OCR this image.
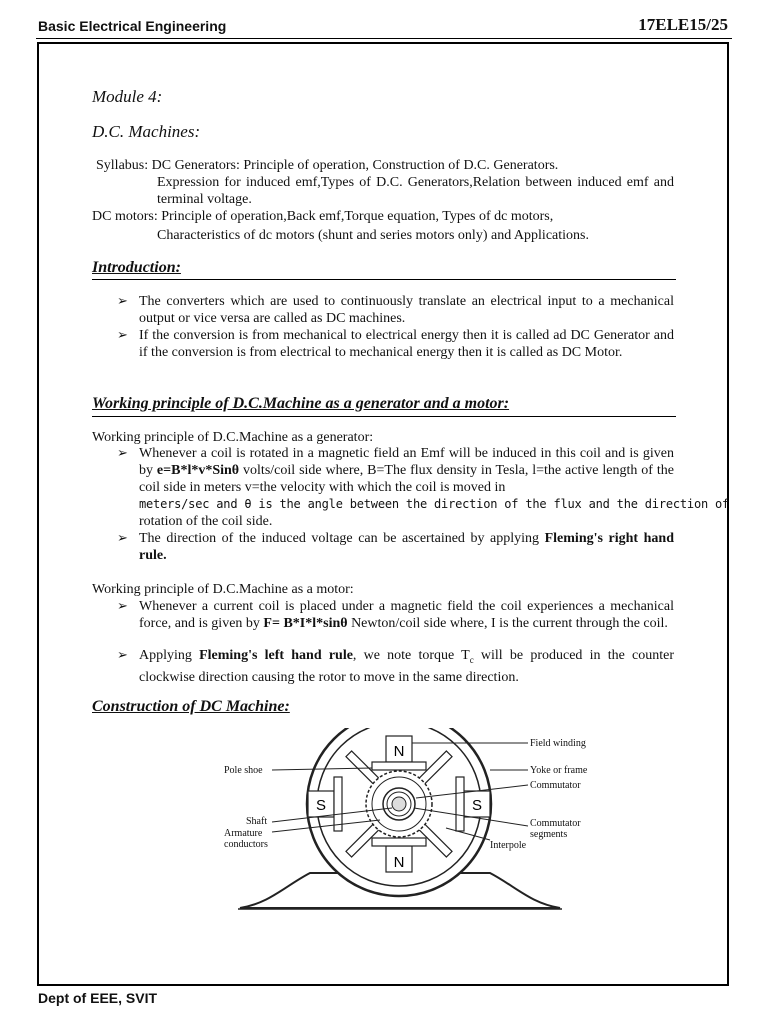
Basic Electrical Engineering	17ELE15/25
Module 4:
D.C. Machines:
Syllabus: DC Generators: Principle of operation, Construction of D.C. Generators.
Expression for induced emf,Types of D.C. Generators,Relation between induced emf and terminal voltage.
DC motors: Principle of operation,Back emf,Torque equation, Types of dc motors,
Characteristics of dc motors (shunt and series motors only) and Applications.
Introduction:
➢ The converters which are used to continuously translate an electrical input to a mechanical output or vice versa are called as DC machines.
➢ If the conversion is from mechanical to electrical energy then it is called ad DC Generator and if the conversion is from electrical to mechanical energy then it is called as DC Motor.
Working principle of D.C.Machine as a generator and a motor:
Working principle of D.C.Machine as a generator:
➢ Whenever a coil is rotated in a magnetic field an Emf will be induced in this coil and is given by e=B*l*v*Sinθ volts/coil side where, B=The flux density in Tesla, l=the active length of the coil side in meters v=the velocity with which the coil is moved in
meters/sec and θ is the angle between the direction of the flux and the direction of
rotation of the coil side.
➢ The direction of the induced voltage can be ascertained by applying Fleming's right hand rule.
Working principle of D.C.Machine as a motor:
➢ Whenever a current coil is placed under a magnetic field the coil experiences a mechanical force, and is given by F= B*I*l*sinθ Newton/coil side where, I is the current through the coil.
➢ Applying Fleming's left hand rule, we note torque $T_c$ will be produced in the counter clockwise direction causing the rotor to move in the same direction.
Construction of DC Machine:
N
N
S	S
Field winding
Pole shoe	Yoke or frame
Commutator
Shaft
Armature conductors
Commutator segments
Interpole
Dept of EEE, SVIT
